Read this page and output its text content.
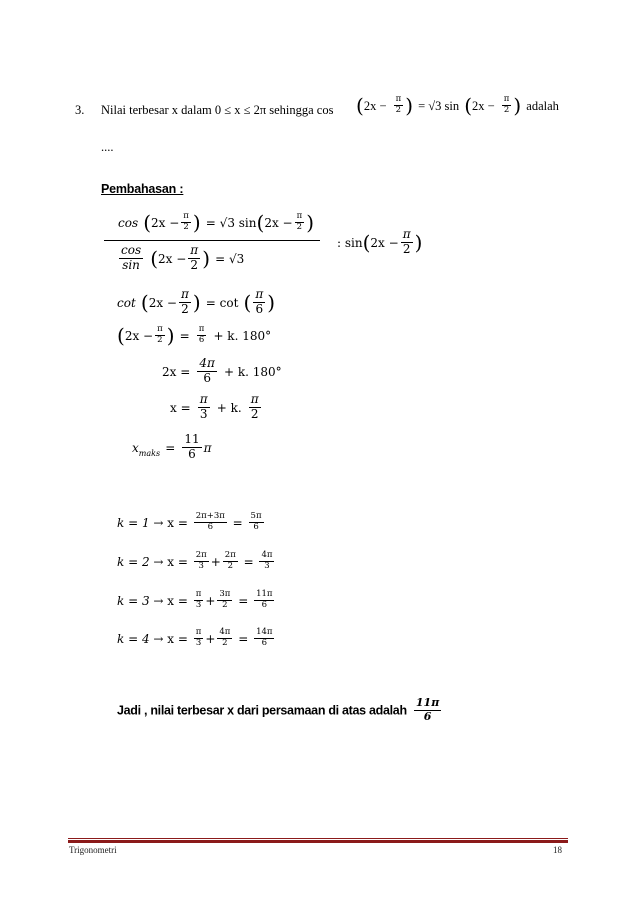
3. Nilai terbesar x dalam 0 ≤ x ≤ 2π sehingga $\cos (2x - \frac{\pi}{2}$ ) = √3 $\sin (2x - \frac{\pi}{2}$ ) adalah
....
Pembahasan :
$\cos (2x - \frac{\pi}{2}$ ) = √3 $\sin(2x - \frac{\pi}{2}$ )
: $\sin(2x - \frac{\pi}{2}$ )
$\frac{\cos}{\sin} (2x - \frac{\pi}{2}$ ) = √3
$\cot (2x - \frac{\pi}{2}$ ) = cot ( $\frac{\pi}{6}$ )
($2x - \frac{\pi}{2}$ ) = $\frac{\pi}{6} + k$. 180°
$2x = \frac{4\pi}{6} + k$. 180°
$x = \frac{\pi}{3} + k$. $\frac{\pi}{2}$
$x_{maks} = \frac{11}{6}$ π
$k = 1 \to x = \frac{2\pi+3\pi}{6} = \frac{5\pi}{6}$
$k = 2 \to x = \frac{2\pi}{3} + \frac{2\pi}{2} = \frac{4\pi}{3}$
$k = 3 \to x = \frac{\pi}{3} + \frac{3\pi}{2} = \frac{11\pi}{6}$
$k = 4 \to x = \frac{\pi}{3} + \frac{4\pi}{2} = \frac{14\pi}{6}$
Jadi , nilai terbesar x dari persamaan di atas adalah $\frac{11\pi}{6}$
Trigonometri	18
